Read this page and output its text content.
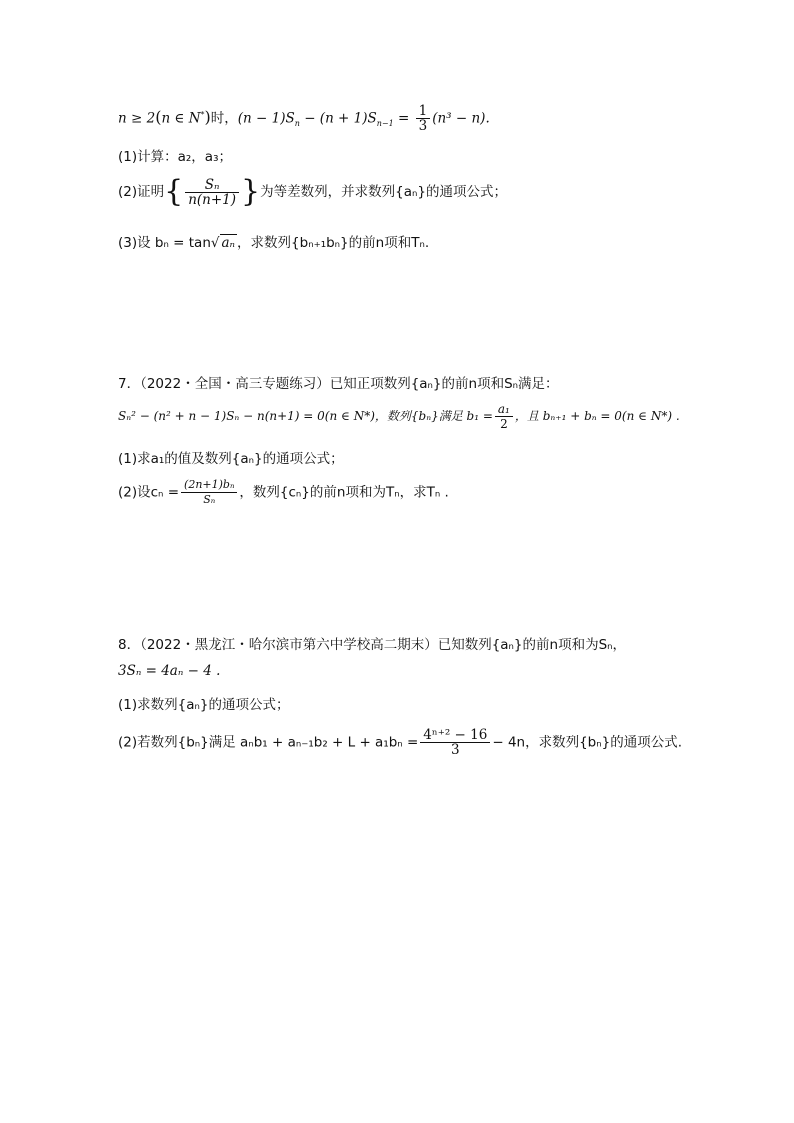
n ≥ 2(n ∈ N*)时，$(n - 1)S_n - (n + 1)S_{n-1} = \frac{1}{3} (n^3 - n)$.
(1)计算：a₂，a₃；
(2)证明{ $\frac{\text{Sₙ}}{n(n+1)}$ }为等差数列，并求数列{aₙ}的通项公式；
(3)设 bₙ = tan√ aₙ ，求数列{bₙ₊₁bₙ}的前n项和Tₙ.
7．（2022・全国・高三专题练习）已知正项数列{aₙ}的前n项和Sₙ满足：
Sₙ² − (n² + n − 1)Sₙ − n(n+1) = 0(n ∈ N*)，数列{bₙ}满足 $b_1 = \frac{\text{a₁}}{2}$ ，且 bₙ₊₁ + bₙ = 0(n ∈ N*) .
(1)求a₁的值及数列{aₙ}的通项公式；
(2)设$c_n = \frac{\text{(2n+1)bₙ}}{\text{Sₙ}}$ ，数列{cₙ}的前n项和为Tₙ，求Tₙ .
8．（2022・黑龙江・哈尔滨市第六中学校高二期末）已知数列{aₙ}的前n项和为Sₙ，
3Sₙ = 4aₙ − 4 .
(1)求数列{aₙ}的通项公式；
(2)若数列{bₙ}满足 $a_nb_1 + a_{n-1}b_2 + L + a_1b_n = \frac{\text{4ⁿ⁺² − 16}}{3} - 4n$，求数列{bₙ}的通项公式.
